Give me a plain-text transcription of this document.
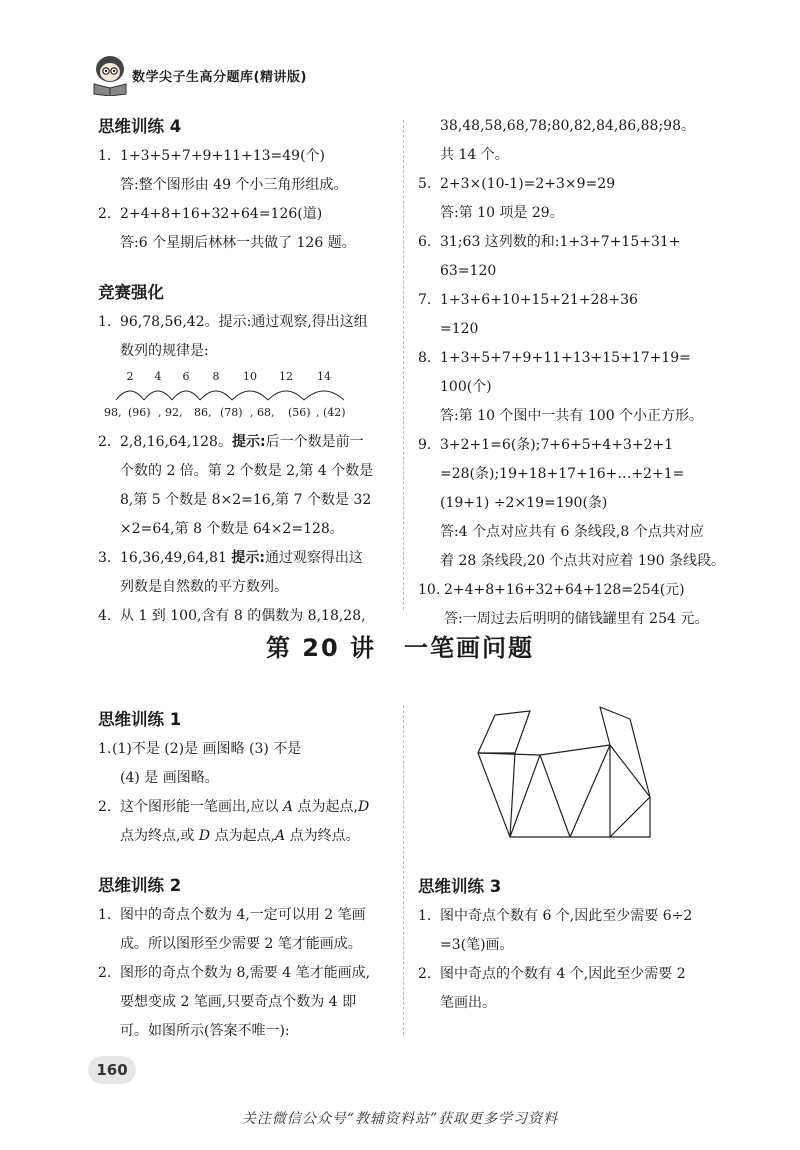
数学尖子生高分题库(精讲版)
思维训练 4
1. 1+3+5+7+9+11+13=49(个)
答:整个图形由 49 个小三角形组成。
2. 2+4+8+16+32+64=126(道)
答:6 个星期后林林一共做了 126 题。
竞赛强化
1. 96,78,56,42。提示:通过观察,得出这组
数列的规律是:
2 4 6 8 10 12 14
98, (96) , 92, 86, (78) , 68, (56) , (42)
2. 2,8,16,64,128。提示:后一个数是前一
个数的 2 倍。第 2 个数是 2,第 4 个数是
8,第 5 个数是 8×2=16,第 7 个数是 32
×2=64,第 8 个数是 64×2=128。
3. 16,36,49,64,81 提示:通过观察得出这
列数是自然数的平方数列。
4. 从 1 到 100,含有 8 的偶数为 8,18,28,
38,48,58,68,78;80,82,84,86,88;98。
共 14 个。
5. 2+3×(10-1)=2+3×9=29
答:第 10 项是 29。
6. 31;63 这列数的和:1+3+7+15+31+
63=120
7. 1+3+6+10+15+21+28+36
=120
8. 1+3+5+7+9+11+13+15+17+19=
100(个)
答:第 10 个图中一共有 100 个小正方形。
9. 3+2+1=6(条);7+6+5+4+3+2+1
=28(条);19+18+17+16+…+2+1=
(19+1) ÷2×19=190(条)
答:4 个点对应共有 6 条线段,8 个点共对应
着 28 条线段,20 个点共对应着 190 条线段。
10. 2+4+8+16+32+64+128=254(元)
答:一周过去后明明的储钱罐里有 254 元。
第 20 讲 一笔画问题
思维训练 1
1. (1)不是 (2)是 画图略 (3) 不是
(4) 是 画图略。
2. 这个图形能一笔画出,应以 A 点为起点,D
点为终点,或 D 点为起点,A 点为终点。
思维训练 2
1. 图中的奇点个数为 4,一定可以用 2 笔画
成。所以图形至少需要 2 笔才能画成。
2. 图形的奇点个数为 8,需要 4 笔才能画成,
要想变成 2 笔画,只要奇点个数为 4 即
可。如图所示(答案不唯一):
思维训练 3
1. 图中奇点个数有 6 个,因此至少需要 6÷2
=3(笔)画。
2. 图中奇点的个数有 4 个,因此至少需要 2
笔画出。
160
关注微信公众号“教辅资料站”获取更多学习资料
